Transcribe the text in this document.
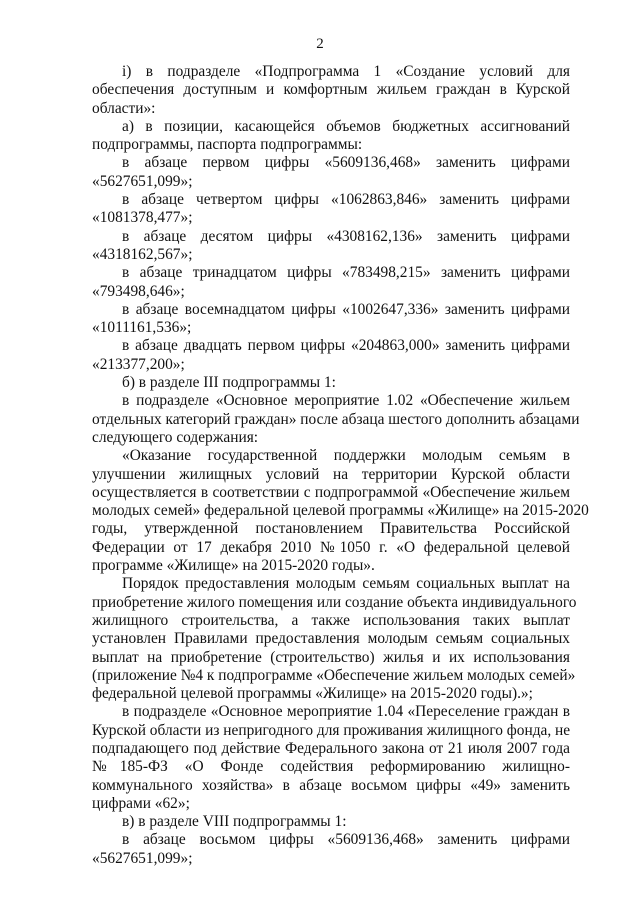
2
i) в подразделе «Подпрограмма 1 «Создание условий для
обеспечения доступным и комфортным жильем граждан в Курской
области»:
а) в позиции, касающейся объемов бюджетных ассигнований
подпрограммы, паспорта подпрограммы:
в абзаце первом цифры «5609136,468» заменить цифрами
«5627651,099»;
в абзаце четвертом цифры «1062863,846» заменить цифрами
«1081378,477»;
в абзаце десятом цифры «4308162,136» заменить цифрами
«4318162,567»;
в абзаце тринадцатом цифры «783498,215» заменить цифрами
«793498,646»;
в абзаце восемнадцатом цифры «1002647,336» заменить цифрами
«1011161,536»;
в абзаце двадцать первом цифры «204863,000» заменить цифрами
«213377,200»;
б) в разделе III подпрограммы 1:
в подразделе «Основное мероприятие 1.02 «Обеспечение жильем
отдельных категорий граждан» после абзаца шестого дополнить абзацами
следующего содержания:
«Оказание государственной поддержки молодым семьям в
улучшении жилищных условий на территории Курской области
осуществляется в соответствии с подпрограммой «Обеспечение жильем
молодых семей» федеральной целевой программы «Жилище» на 2015-2020
годы, утвержденной постановлением Правительства Российской
Федерации от 17 декабря 2010 №1050 г. «О федеральной целевой
программе «Жилище» на 2015-2020 годы».
Порядок предоставления молодым семьям социальных выплат на
приобретение жилого помещения или создание объекта индивидуального
жилищного строительства, а также использования таких выплат
установлен Правилами предоставления молодым семьям социальных
выплат на приобретение (строительство) жилья и их использования
(приложение №4 к подпрограмме «Обеспечение жильем молодых семей»
федеральной целевой программы «Жилище» на 2015-2020 годы).»;
в подразделе «Основное мероприятие 1.04 «Переселение граждан в
Курской области из непригодного для проживания жилищного фонда, не
подпадающего под действие Федерального закона от 21 июля 2007 года
№185-ФЗ «О Фонде содействия реформированию жилищно-
коммунального хозяйства» в абзаце восьмом цифры «49» заменить
цифрами «62»;
в) в разделе VIII подпрограммы 1:
в абзаце восьмом цифры «5609136,468» заменить цифрами
«5627651,099»;
